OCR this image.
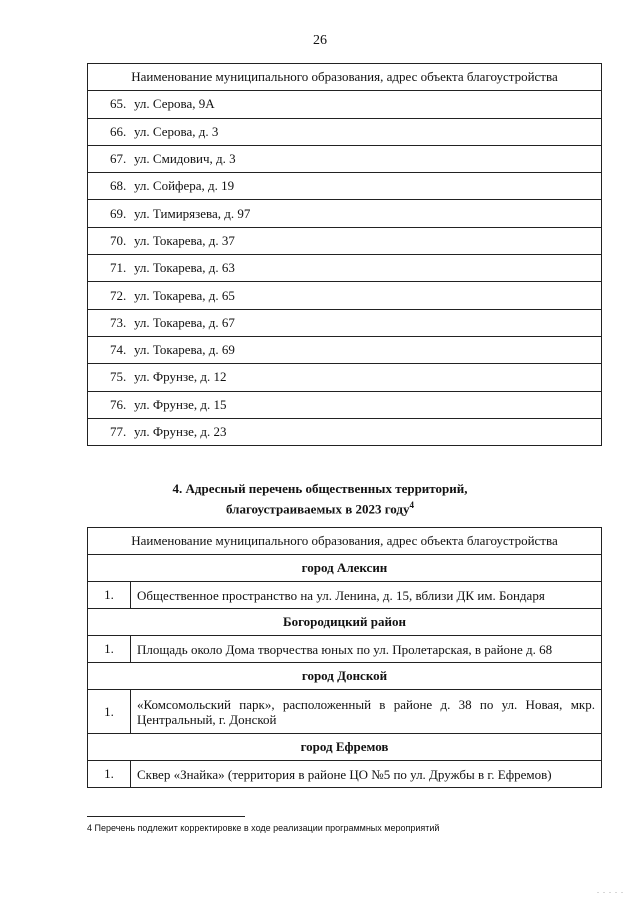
26
Наименование муниципального образования, адрес объекта благоустройства
65. ул. Серова, 9А
66. ул. Серова, д. 3
67. ул. Смидович, д. 3
68. ул. Сойфера, д. 19
69. ул. Тимирязева, д. 97
70. ул. Токарева, д. 37
71. ул. Токарева, д. 63
72. ул. Токарева, д. 65
73. ул. Токарева, д. 67
74. ул. Токарева, д. 69
75. ул. Фрунзе, д. 12
76. ул. Фрунзе, д. 15
77. ул. Фрунзе, д. 23
4. Адресный перечень общественных территорий,
благоустраиваемых в 2023 году$^4$
Наименование муниципального образования, адрес объекта благоустройства	
город Алексин	
1.	Общественное пространство на ул. Ленина, д. 15, вблизи ДК им. Бондаря
Богородицкий район	
1.	Площадь около Дома творчества юных по ул. Пролетарская, в районе д. 68
город Донской	
1.	«Комсомольский парк», расположенный в районе д. 38 по ул. Новая, мкр. Центральный, г. Донской
город Ефремов	
1.	Сквер «Знайка» (территория в районе ЦО №5 по ул. Дружбы в г. Ефремов)
4 Перечень подлежит корректировке в ходе реализации программных мероприятий
. . . . .
